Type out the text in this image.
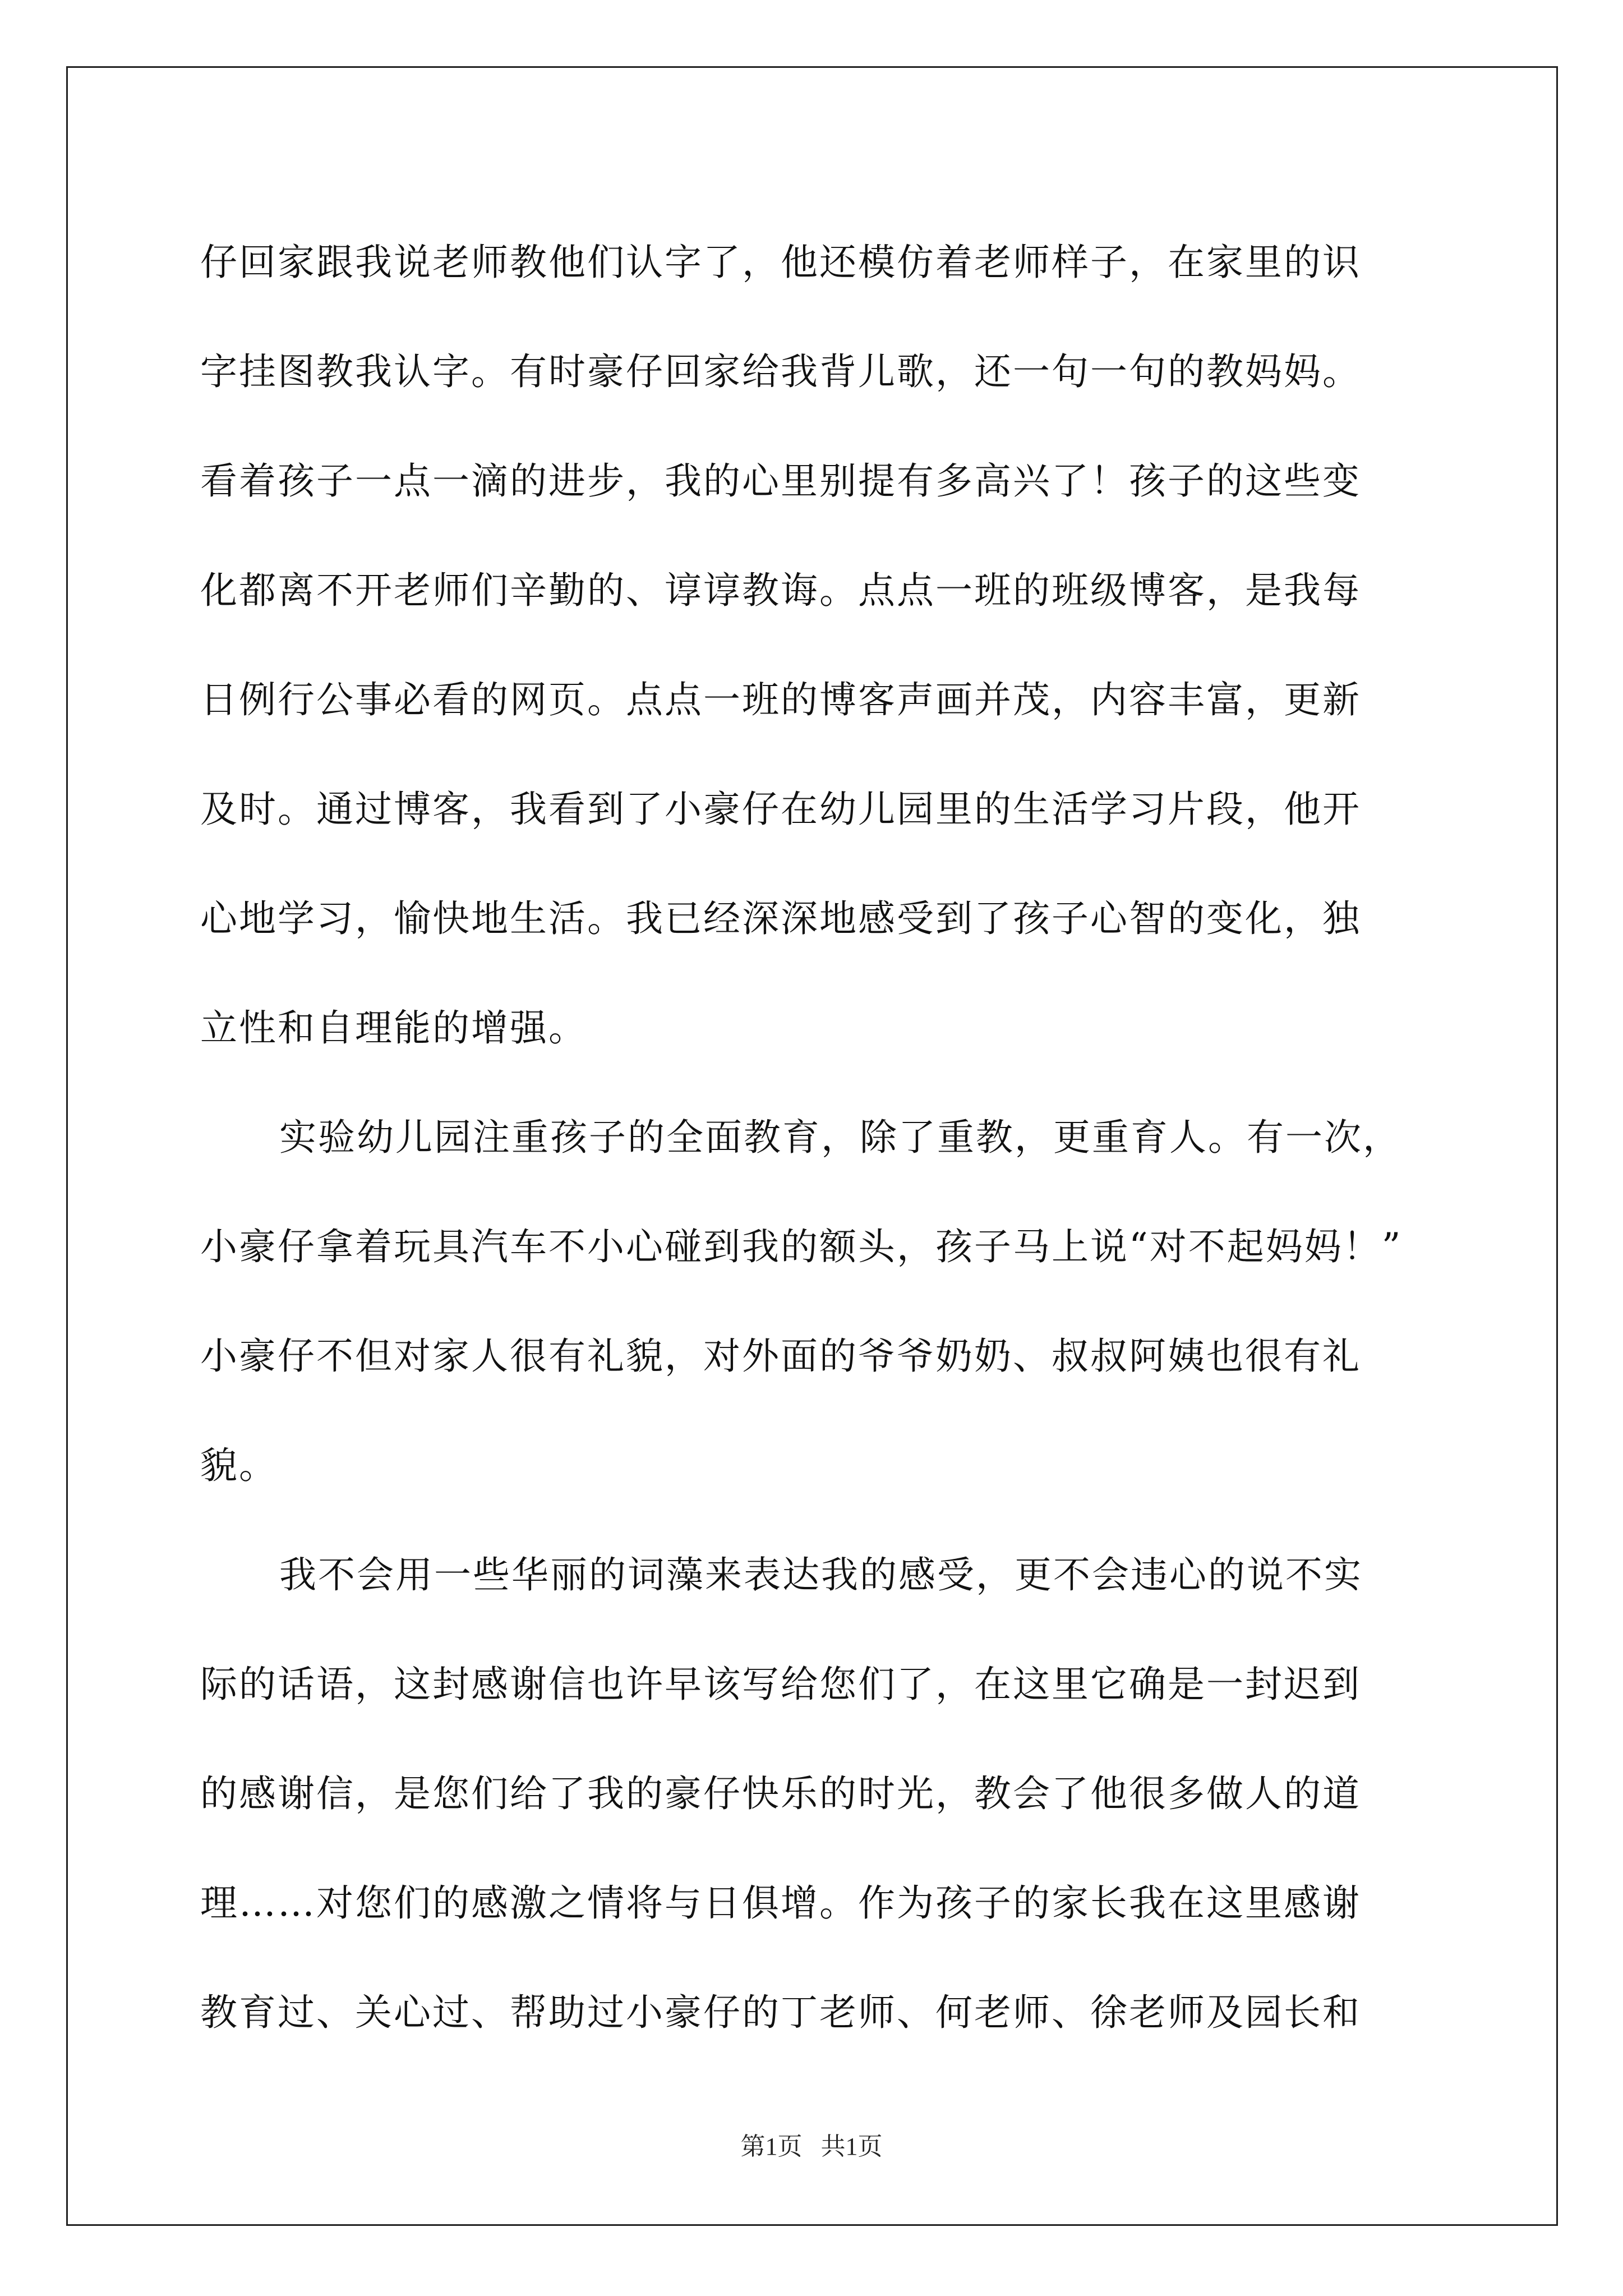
仔回家跟我说老师教他们认字了，他还模仿着老师样子，在家里的识

字挂图教我认字。有时豪仔回家给我背儿歌，还一句一句的教妈妈。

看着孩子一点一滴的进步，我的心里别提有多高兴了！孩子的这些变

化都离不开老师们辛勤的、谆谆教诲。点点一班的班级博客，是我每

日例行公事必看的网页。点点一班的博客声画并茂，内容丰富，更新

及时。通过博客，我看到了小豪仔在幼儿园里的生活学习片段，他开

心地学习，愉快地生活。我已经深深地感受到了孩子心智的变化，独

立性和自理能的增强。

实验幼儿园注重孩子的全面教育，除了重教，更重育人。有一次，

小豪仔拿着玩具汽车不小心碰到我的额头，孩子马上说“对不起妈妈！”

小豪仔不但对家人很有礼貌，对外面的爷爷奶奶、叔叔阿姨也很有礼

貌。

我不会用一些华丽的词藻来表达我的感受，更不会违心的说不实

际的话语，这封感谢信也许早该写给您们了，在这里它确是一封迟到

的感谢信，是您们给了我的豪仔快乐的时光，教会了他很多做人的道

理……对您们的感激之情将与日俱增。作为孩子的家长我在这里感谢

教育过、关心过、帮助过小豪仔的丁老师、何老师、徐老师及园长和

第1页   共1页
